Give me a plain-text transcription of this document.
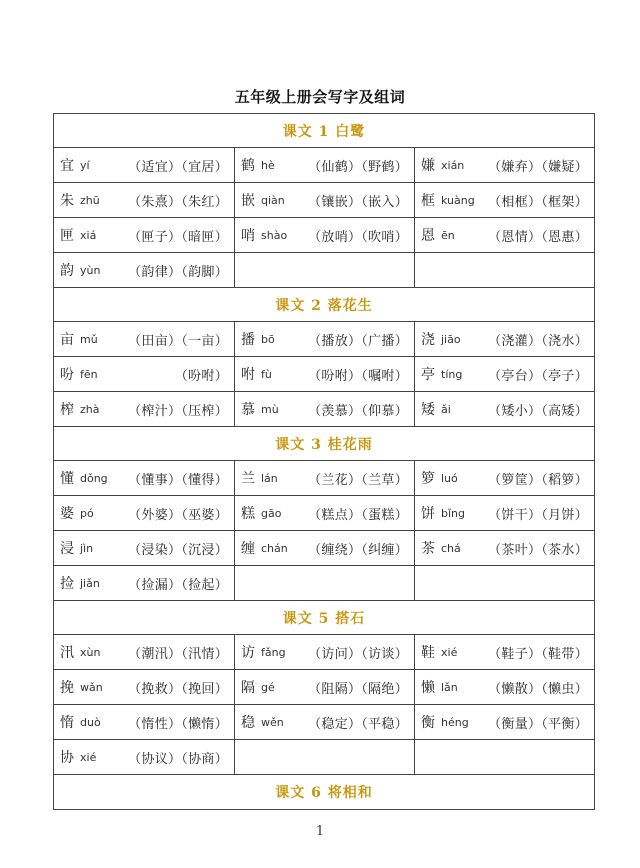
五年级上册会写字及组词
课文 1 白鹭
宜 yí	（适宜）（宜居） 鹤 hè	（仙鹤）（野鹤） 嫌 xián （嫌弃）（嫌疑）
朱 zhū （朱熹）（朱红） 嵌 qiàn （镶嵌）（嵌入） 框 kuàng （相框）（框架）
匣 xiá （匣子）（暗匣） 哨 shào （放哨）（吹哨） 恩 ēn	（恩情）（恩惠）
韵 yùn （韵律）（韵脚）
课文 2 落花生
亩 mǔ （田亩）（一亩） 播 bō	（播放）（广播） 浇 jiāo （浇灌）（浇水）
吩 fēn	（吩咐） 咐 fù	（吩咐）（嘱咐） 亭 tíng （亭台）（亭子）
榨 zhà （榨汁）（压榨） 慕 mù （羡慕）（仰慕） 矮 ǎi	（矮小）（高矮）
课文 3 桂花雨
懂 dǒng （懂事）（懂得） 兰 lán （兰花）（兰草） 箩 luó （箩筐）（稻箩）
婆 pó	（外婆）（巫婆） 糕 gāo （糕点）（蛋糕） 饼 bǐng （饼干）（月饼）
浸 jìn	（浸染）（沉浸） 缠 chán （缠绕）（纠缠） 茶 chá （茶叶）（茶水）
捡 jiǎn （捡漏）（捡起）
课文 5 搭石
汛 xùn （潮汛）（汛情） 访 fǎng （访问）（访谈） 鞋 xié （鞋子）（鞋带）
挽 wǎn （挽救）（挽回） 隔 gé	（阻隔）（隔绝） 懒 lǎn （懒散）（懒虫）
惰 duò （惰性）（懒惰） 稳 wěn （稳定）（平稳） 衡 héng （衡量）（平衡）
协 xié （协议）（协商）
课文 6 将相和
1
